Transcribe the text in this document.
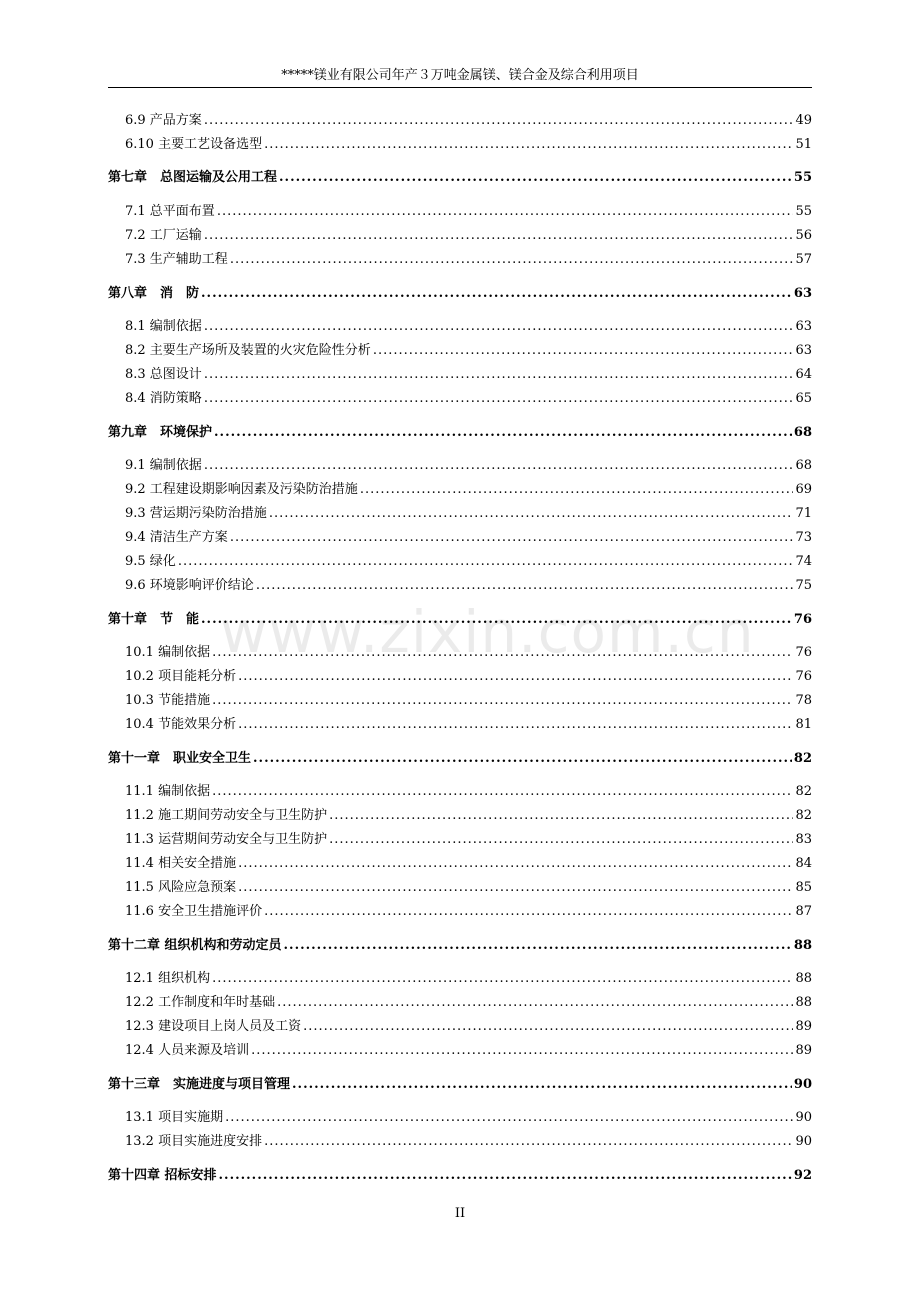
*****镁业有限公司年产３万吨金属镁、镁合金及综合利用项目
www.zixin.com.cn
6.9 产品方案 .....	49
6.10 主要工艺设备选型 .....	51
第七章　总图运输及公用工程 .....	55
7.1 总平面布置 .....	55
7.2 工厂运输 .....	56
7.3 生产辅助工程 .....	57
第八章　消　防 .....	63
8.1 编制依据 .....	63
8.2 主要生产场所及装置的火灾危险性分析 .....	63
8.3 总图设计 .....	64
8.4 消防策略 .....	65
第九章　环境保护 .....	68
9.1 编制依据 .....	68
9.2 工程建设期影响因素及污染防治措施 .....	69
9.3 营运期污染防治措施 .....	71
9.4 清洁生产方案 .....	73
9.5 绿化 .....	74
9.6 环境影响评价结论 .....	75
第十章　节　能 .....	76
10.1 编制依据 .....	76
10.2 项目能耗分析 .....	76
10.3 节能措施 .....	78
10.4 节能效果分析 .....	81
第十一章　职业安全卫生 .....	82
11.1 编制依据 .....	82
11.2 施工期间劳动安全与卫生防护 .....	82
11.3 运营期间劳动安全与卫生防护 .....	83
11.4 相关安全措施 .....	84
11.5 风险应急预案 .....	85
11.6 安全卫生措施评价 .....	87
第十二章 组织机构和劳动定员 .....	88
12.1 组织机构 .....	88
12.2 工作制度和年时基础 .....	88
12.3 建设项目上岗人员及工资 .....	89
12.4 人员来源及培训 .....	89
第十三章　实施进度与项目管理 .....	90
13.1 项目实施期 .....	90
13.2 项目实施进度安排 .....	90
第十四章 招标安排 .....	92
II
